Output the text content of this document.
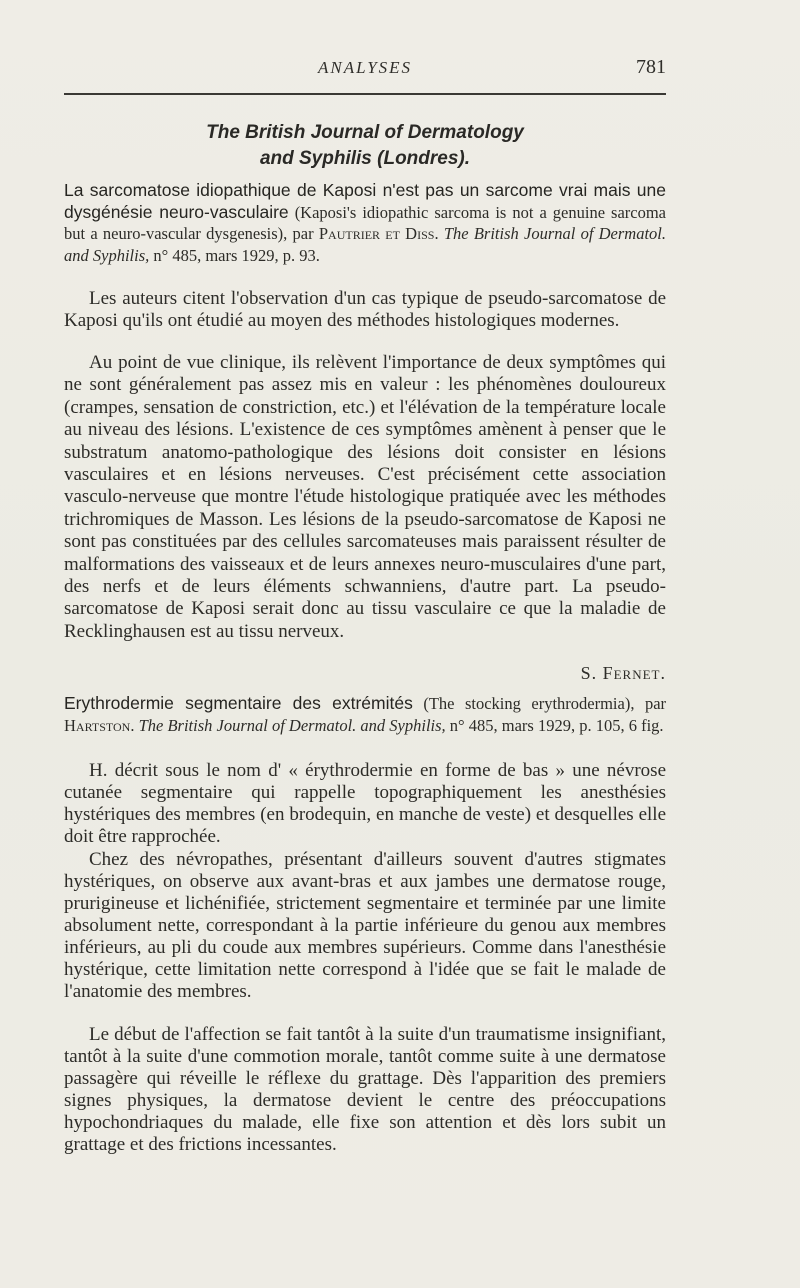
ANALYSES	781
The British Journal of Dermatology
and Syphilis (Londres).
La sarcomatose idiopathique de Kaposi n'est pas un sarcome vrai mais une dysgénésie neuro-vasculaire (Kaposi's idiopathic sarcoma is not a genuine sarcoma but a neuro-vascular dysgenesis), par Pautrier et Diss. The British Journal of Dermatol. and Syphilis, n° 485, mars 1929, p. 93.
Les auteurs citent l'observation d'un cas typique de pseudo-sarcomatose de Kaposi qu'ils ont étudié au moyen des méthodes histologiques modernes.
Au point de vue clinique, ils relèvent l'importance de deux symptômes qui ne sont généralement pas assez mis en valeur : les phénomènes douloureux (crampes, sensation de constriction, etc.) et l'élévation de la température locale au niveau des lésions. L'existence de ces symptômes amènent à penser que le substratum anatomo-pathologique des lésions doit consister en lésions vasculaires et en lésions nerveuses. C'est précisément cette association vasculo-nerveuse que montre l'étude histologique pratiquée avec les méthodes trichromiques de Masson. Les lésions de la pseudo-sarcomatose de Kaposi ne sont pas constituées par des cellules sarcomateuses mais paraissent résulter de malformations des vaisseaux et de leurs annexes neuro-musculaires d'une part, des nerfs et de leurs éléments schwanniens, d'autre part. La pseudo-sarcomatose de Kaposi serait donc au tissu vasculaire ce que la maladie de Recklinghausen est au tissu nerveux.
S. Fernet.
Erythrodermie segmentaire des extrémités (The stocking erythrodermia), par Hartston. The British Journal of Dermatol. and Syphilis, n° 485, mars 1929, p. 105, 6 fig.
H. décrit sous le nom d' « érythrodermie en forme de bas » une névrose cutanée segmentaire qui rappelle topographiquement les anesthésies hystériques des membres (en brodequin, en manche de veste) et desquelles elle doit être rapprochée.
Chez des névropathes, présentant d'ailleurs souvent d'autres stigmates hystériques, on observe aux avant-bras et aux jambes une dermatose rouge, prurigineuse et lichénifiée, strictement segmentaire et terminée par une limite absolument nette, correspondant à la partie inférieure du genou aux membres inférieurs, au pli du coude aux membres supérieurs. Comme dans l'anesthésie hystérique, cette limitation nette correspond à l'idée que se fait le malade de l'anatomie des membres.
Le début de l'affection se fait tantôt à la suite d'un traumatisme insignifiant, tantôt à la suite d'une commotion morale, tantôt comme suite à une dermatose passagère qui réveille le réflexe du grattage. Dès l'apparition des premiers signes physiques, la dermatose devient le centre des préoccupations hypochondriaques du malade, elle fixe son attention et dès lors subit un grattage et des frictions incessantes.
